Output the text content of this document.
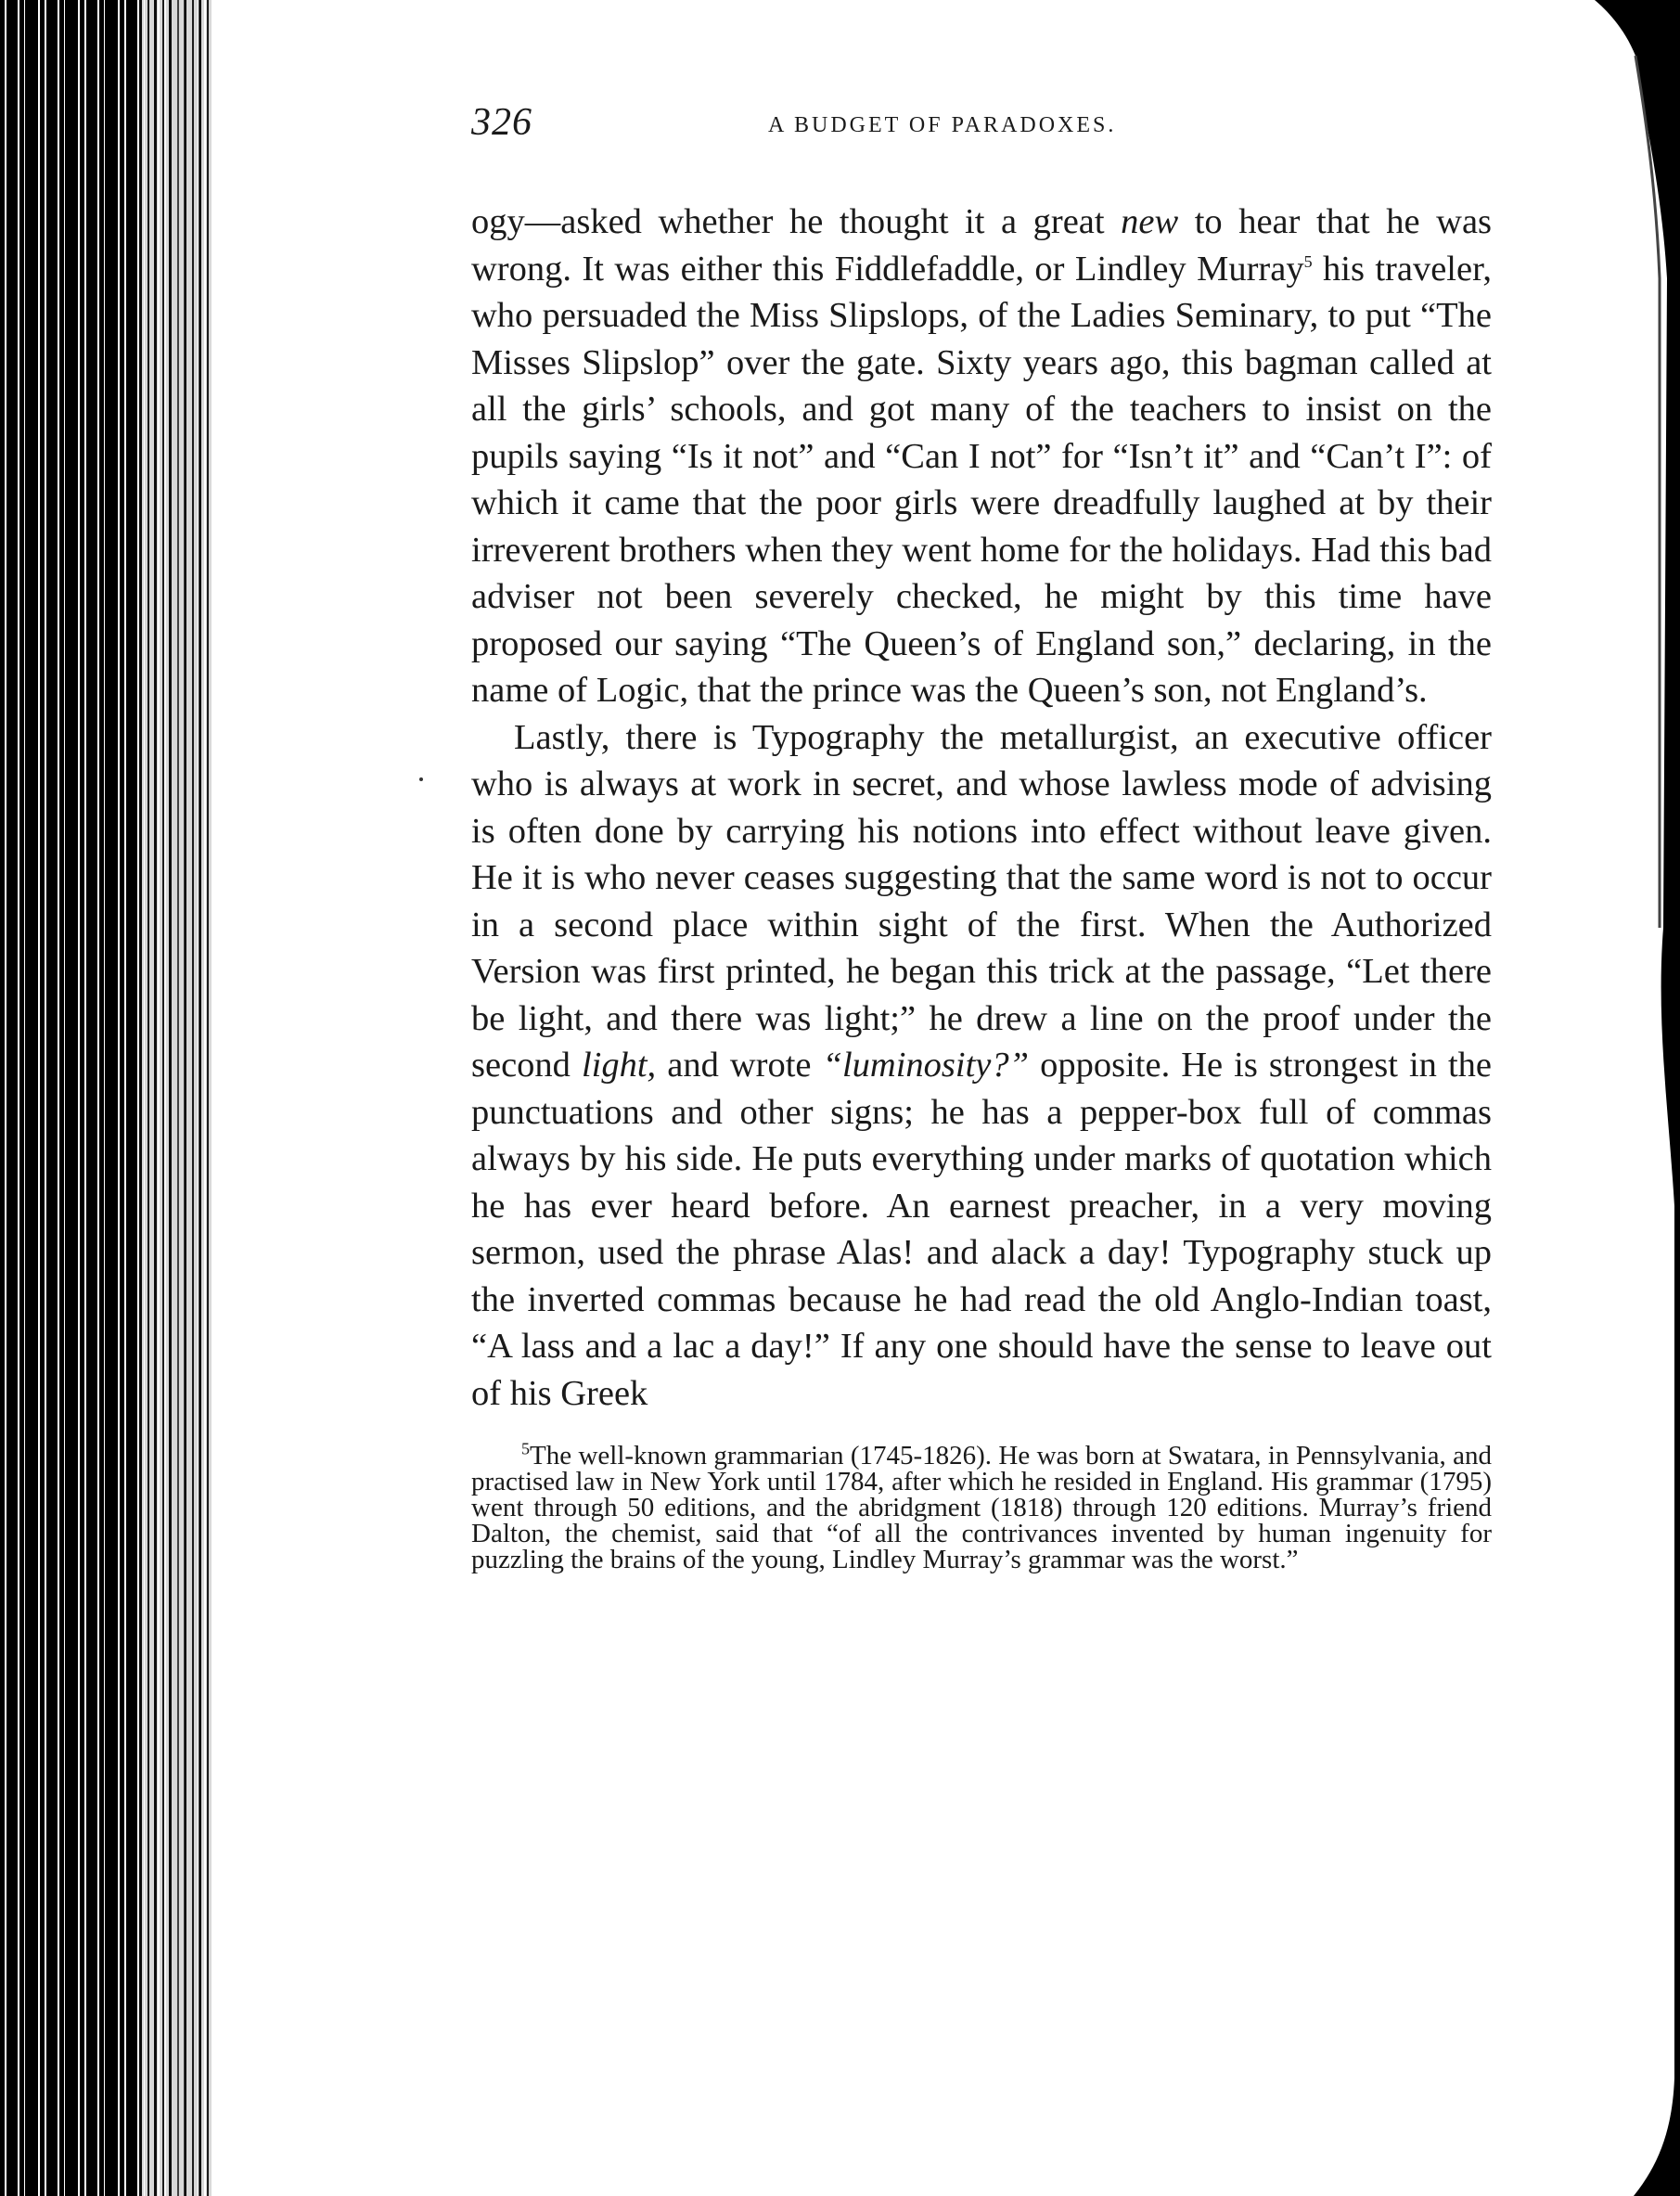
326	A BUDGET OF PARADOXES.

ogy—asked whether he thought it a great new to hear that he was wrong. It was either this Fiddlefaddle, or Lindley Murray$^5$ his traveler, who persuaded the Miss Slipslops, of the Ladies Seminary, to put “The Misses Slipslop” over the gate. Sixty years ago, this bagman called at all the girls’ schools, and got many of the teachers to insist on the pupils saying “Is it not” and “Can I not” for “Isn’t it” and “Can’t I”: of which it came that the poor girls were dreadfully laughed at by their irreverent brothers when they went home for the holidays. Had this bad adviser not been severely checked, he might by this time have proposed our saying “The Queen’s of England son,” declaring, in the name of Logic, that the prince was the Queen’s son, not England’s.

Lastly, there is Typography the metallurgist, an executive officer who is always at work in secret, and whose lawless mode of advising is often done by carrying his notions into effect without leave given. He it is who never ceases suggesting that the same word is not to occur in a second place within sight of the first. When the Authorized Version was first printed, he began this trick at the passage, “Let there be light, and there was light;” he drew a line on the proof under the second light, and wrote “luminosity?” opposite. He is strongest in the punctuations and other signs; he has a pepper-box full of commas always by his side. He puts everything under marks of quotation which he has ever heard before. An earnest preacher, in a very moving sermon, used the phrase Alas! and alack a day! Typography stuck up the inverted commas because he had read the old Anglo-Indian toast, “A lass and a lac a day!” If any one should have the sense to leave out of his Greek

$^5$The well-known grammarian (1745-1826). He was born at Swatara, in Pennsylvania, and practised law in New York until 1784, after which he resided in England. His grammar (1795) went through 50 editions, and the abridgment (1818) through 120 editions. Murray’s friend Dalton, the chemist, said that “of all the contrivances invented by human ingenuity for puzzling the brains of the young, Lindley Murray’s grammar was the worst.”
